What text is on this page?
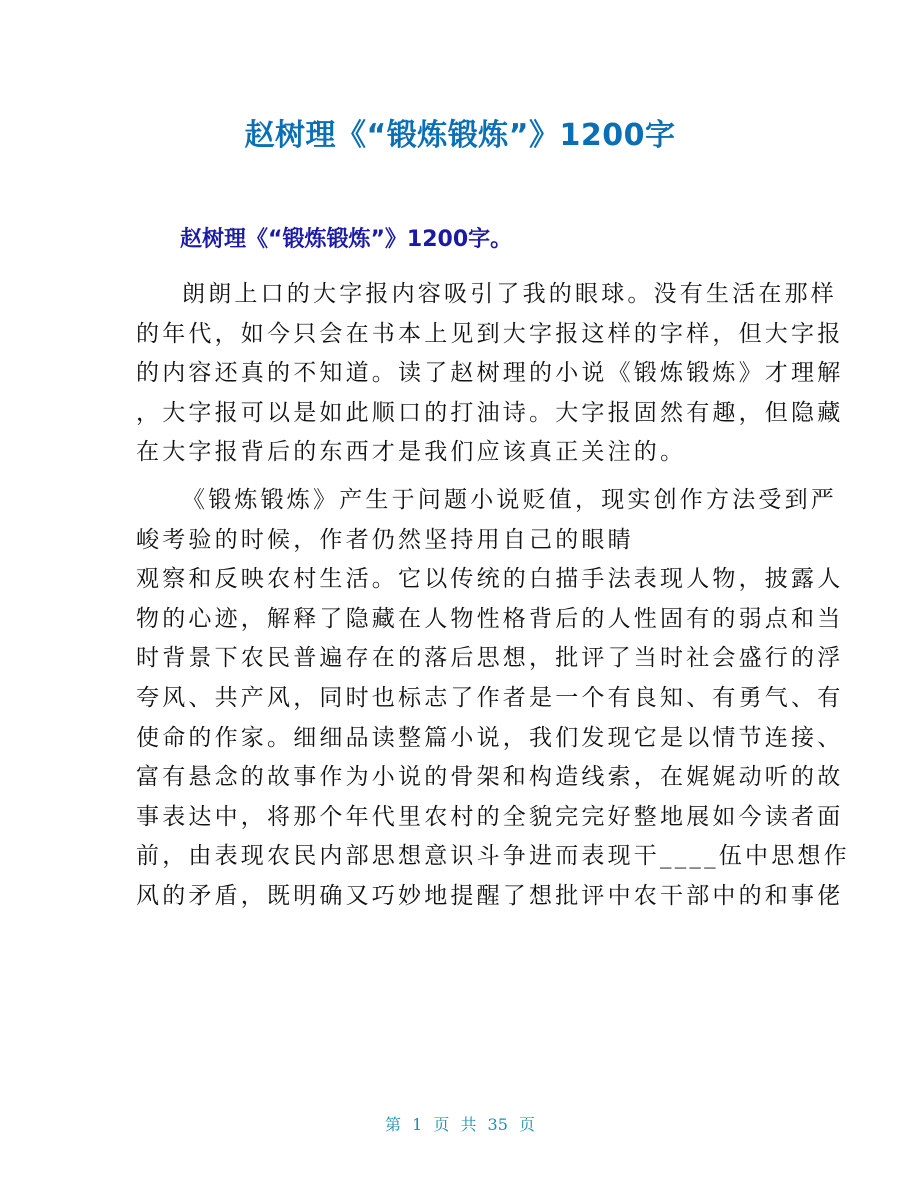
赵树理《“锻炼锻炼”》1200字
赵树理《“锻炼锻炼”》1200字。

朗朗上口的大字报内容吸引了我的眼球。没有生活在那样
的年代，如今只会在书本上见到大字报这样的字样，但大字报
的内容还真的不知道。读了赵树理的小说《锻炼锻炼》才理解
，大字报可以是如此顺口的打油诗。大字报固然有趣，但隐藏
在大字报背后的东西才是我们应该真正关注的。

《锻炼锻炼》产生于问题小说贬值，现实创作方法受到严
峻考验的时候，作者仍然坚持用自己的眼睛
观察和反映农村生活。它以传统的白描手法表现人物，披露人
物的心迹，解释了隐藏在人物性格背后的人性固有的弱点和当
时背景下农民普遍存在的落后思想，批评了当时社会盛行的浮
夸风、共产风，同时也标志了作者是一个有良知、有勇气、有
使命的作家。细细品读整篇小说，我们发现它是以情节连接、
富有悬念的故事作为小说的骨架和构造线索，在娓娓动听的故
事表达中，将那个年代里农村的全貌完完好整地展如今读者面
前，由表现农民内部思想意识斗争进而表现干____伍中思想作
风的矛盾，既明确又巧妙地提醒了想批评中农干部中的和事佬

第 1 页 共 35 页
